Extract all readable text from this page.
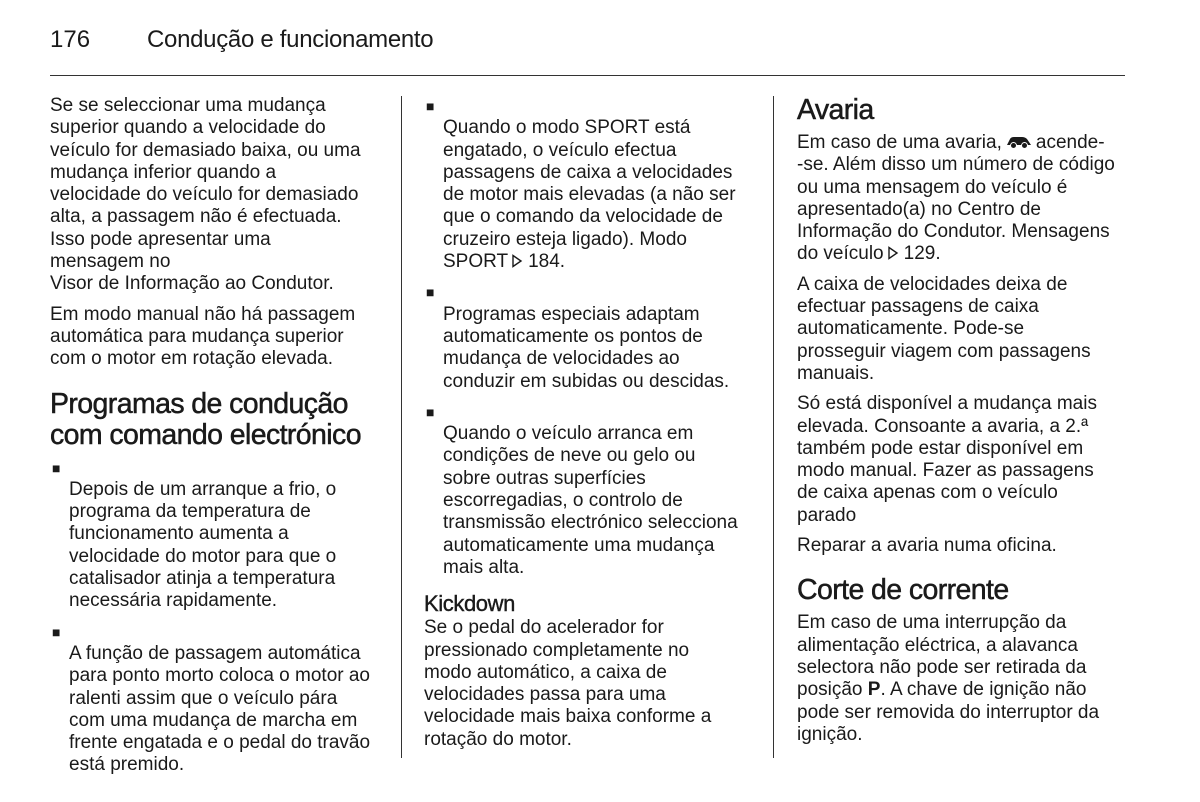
176 Condução e funcionamento

Se se seleccionar uma mudança
superior quando a velocidade do
veículo for demasiado baixa, ou uma
mudança inferior quando a
velocidade do veículo for demasiado
alta, a passagem não é efectuada.
Isso pode apresentar uma
mensagem no
Visor de Informação ao Condutor.

Em modo manual não há passagem
automática para mudança superior
com o motor em rotação elevada.

Programas de condução
com comando electrónico

■
Depois de um arranque a frio, o
programa da temperatura de
funcionamento aumenta a
velocidade do motor para que o
catalisador atinja a temperatura
necessária rapidamente.

■
A função de passagem automática
para ponto morto coloca o motor ao
ralenti assim que o veículo pára
com uma mudança de marcha em
frente engatada e o pedal do travão
está premido.

■
Quando o modo SPORT está
engatado, o veículo efectua
passagens de caixa a velocidades
de motor mais elevadas (a não ser
que o comando da velocidade de
cruzeiro esteja ligado). Modo
SPORT 184.

■
Programas especiais adaptam
automaticamente os pontos de
mudança de velocidades ao
conduzir em subidas ou descidas.

■
Quando o veículo arranca em
condições de neve ou gelo ou
sobre outras superfícies
escorregadias, o controlo de
transmissão electrónico selecciona
automaticamente uma mudança
mais alta.

Kickdown

Se o pedal do acelerador for
pressionado completamente no
modo automático, a caixa de
velocidades passa para uma
velocidade mais baixa conforme a
rotação do motor.

Avaria

Em caso de uma avaria, acende-
-se. Além disso um número de código
ou uma mensagem do veículo é
apresentado(a) no Centro de
Informação do Condutor. Mensagens
do veículo 129.

A caixa de velocidades deixa de
efectuar passagens de caixa
automaticamente. Pode-se
prosseguir viagem com passagens
manuais.

Só está disponível a mudança mais
elevada. Consoante a avaria, a 2.ª
também pode estar disponível em
modo manual. Fazer as passagens
de caixa apenas com o veículo
parado

Reparar a avaria numa oficina.

Corte de corrente

Em caso de uma interrupção da
alimentação eléctrica, a alavanca
selectora não pode ser retirada da
posição P. A chave de ignição não
pode ser removida do interruptor da
ignição.
